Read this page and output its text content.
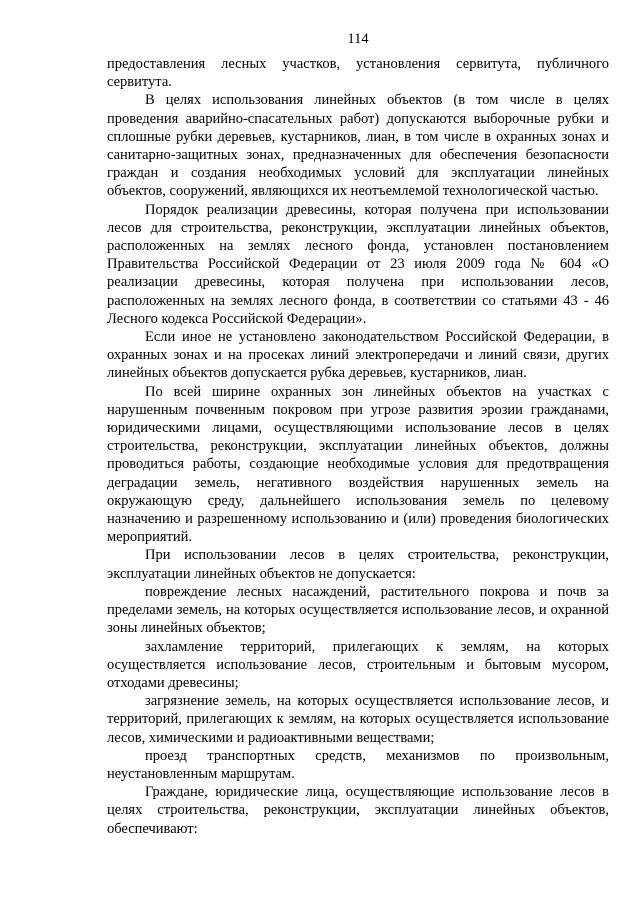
114

предоставления лесных участков, установления сервитута, публичного сервитута.

В целях использования линейных объектов (в том числе в целях проведения аварийно-спасательных работ) допускаются выборочные рубки и сплошные рубки деревьев, кустарников, лиан, в том числе в охранных зонах и санитарно-защитных зонах, предназначенных для обеспечения безопасности граждан и создания необходимых условий для эксплуатации линейных объектов, сооружений, являющихся их неотъемлемой технологической частью.

Порядок реализации древесины, которая получена при использовании лесов для строительства, реконструкции, эксплуатации линейных объектов, расположенных на землях лесного фонда, установлен постановлением Правительства Российской Федерации от 23 июля 2009 года № 604 «О реализации древесины, которая получена при использовании лесов, расположенных на землях лесного фонда, в соответствии со статьями 43 - 46 Лесного кодекса Российской Федерации».

Если иное не установлено законодательством Российской Федерации, в охранных зонах и на просеках линий электропередачи и линий связи, других линейных объектов допускается рубка деревьев, кустарников, лиан.

По всей ширине охранных зон линейных объектов на участках с нарушенным почвенным покровом при угрозе развития эрозии гражданами, юридическими лицами, осуществляющими использование лесов в целях строительства, реконструкции, эксплуатации линейных объектов, должны проводиться работы, создающие необходимые условия для предотвращения деградации земель, негативного воздействия нарушенных земель на окружающую среду, дальнейшего использования земель по целевому назначению и разрешенному использованию и (или) проведения биологических мероприятий.

При использовании лесов в целях строительства, реконструкции, эксплуатации линейных объектов не допускается:

повреждение лесных насаждений, растительного покрова и почв за пределами земель, на которых осуществляется использование лесов, и охранной зоны линейных объектов;

захламление территорий, прилегающих к землям, на которых осуществляется использование лесов, строительным и бытовым мусором, отходами древесины;

загрязнение земель, на которых осуществляется использование лесов, и территорий, прилегающих к землям, на которых осуществляется использование лесов, химическими и радиоактивными веществами;

проезд транспортных средств, механизмов по произвольным, неустановленным маршрутам.

Граждане, юридические лица, осуществляющие использование лесов в целях строительства, реконструкции, эксплуатации линейных объектов, обеспечивают:
